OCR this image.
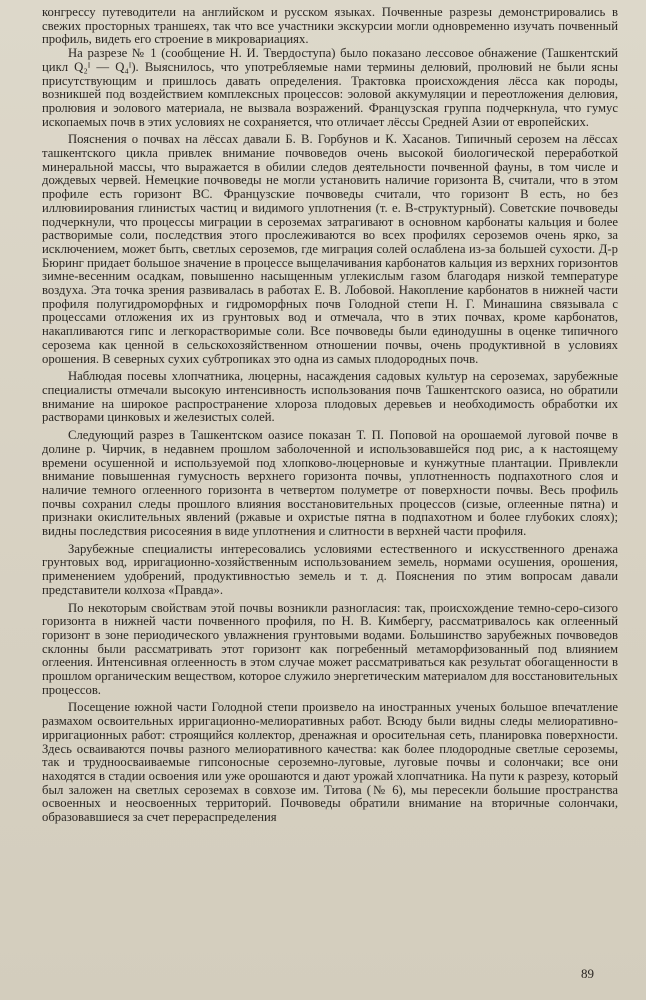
конгрессу путеводители на английском и русском языках. Почвенные разрезы демонстрировались в свежих просторных траншеях, так что все участники экскурсии могли одновременно изучать почвенный профиль, видеть его строение в микровариациях.

На разрезе № 1 (сообщение Н. И. Твердоступа) было показано лессовое обнажение (Ташкентский цикл Q₂ᴵ — Q₄ᴵ). Выяснилось, что употребляемые нами термины делювий, пролювий не были ясны присутствующим и пришлось давать определения. Трактовка происхождения лёсса как породы, возникшей под воздействием комплексных процессов: эоловой аккумуляции и переотложения делювия, пролювия и эолового материала, не вызвала возражений. Французская группа подчеркнула, что гумус ископаемых почв в этих условиях не сохраняется, что отличает лёссы Средней Азии от европейских.

Пояснения о почвах на лёссах давали Б. В. Горбунов и К. Хасанов. Типичный серозем на лёссах ташкентского цикла привлек внимание почвоведов очень высокой биологической переработкой минеральной массы, что выражается в обилии следов деятельности почвенной фауны, в том числе и дождевых червей. Немецкие почвоведы не могли установить наличие горизонта B, считали, что в этом профиле есть горизонт BC. Французские почвоведы считали, что горизонт B есть, но без иллювиирования глинистых частиц и видимого уплотнения (т. е. B-структурный). Советские почвоведы подчеркнули, что процессы миграции в сероземах затрагивают в основном карбонаты кальция и более растворимые соли, последствия этого прослеживаются во всех профилях сероземов очень ярко, за исключением, может быть, светлых сероземов, где миграция солей ослаблена из-за большей сухости. Д-р Бюринг придает большое значение в процессе выщелачивания карбонатов кальция из верхних горизонтов зимне-весенним осадкам, повышенно насыщенным углекислым газом благодаря низкой температуре воздуха. Эта точка зрения развивалась в работах Е. В. Лобовой. Накопление карбонатов в нижней части профиля полугидроморфных и гидроморфных почв Голодной степи Н. Г. Минашина связывала с процессами отложения их из грунтовых вод и отмечала, что в этих почвах, кроме карбонатов, накапливаются гипс и легкорастворимые соли. Все почвоведы были единодушны в оценке типичного серозема как ценной в сельскохозяйственном отношении почвы, очень продуктивной в условиях орошения. В северных сухих субтропиках это одна из самых плодородных почв.

Наблюдая посевы хлопчатника, люцерны, насаждения садовых культур на сероземах, зарубежные специалисты отмечали высокую интенсивность использования почв Ташкентского оазиса, но обратили внимание на широкое распространение хлороза плодовых деревьев и необходимость обработки их растворами цинковых и железистых солей.

Следующий разрез в Ташкентском оазисе показан Т. П. Поповой на орошаемой луговой почве в долине р. Чирчик, в недавнем прошлом заболоченной и использовавшейся под рис, а к настоящему времени осушенной и используемой под хлопково-люцерновые и кунжутные плантации. Привлекли внимание повышенная гумусность верхнего горизонта почвы, уплотненность подпахотного слоя и наличие темного оглеенного горизонта в четвертом полуметре от поверхности почвы. Весь профиль почвы сохранил следы прошлого влияния восстановительных процессов (сизые, оглеенные пятна) и признаки окислительных явлений (ржавые и охристые пятна в подпахотном и более глубоких слоях); видны последствия рисосеяния в виде уплотнения и слитности в верхней части профиля.

Зарубежные специалисты интересовались условиями естественного и искусственного дренажа грунтовых вод, ирригационно-хозяйственным использованием земель, нормами осушения, орошения, применением удобрений, продуктивностью земель и т. д. Пояснения по этим вопросам давали представители колхоза «Правда».

По некоторым свойствам этой почвы возникли разногласия: так, происхождение темно-серо-сизого горизонта в нижней части почвенного профиля, по Н. В. Кимбергу, рассматривалось как оглеенный горизонт в зоне периодического увлажнения грунтовыми водами. Большинство зарубежных почвоведов склонны были рассматривать этот горизонт как погребенный метаморфизованный под влиянием оглеения. Интенсивная оглеенность в этом случае может рассматриваться как результат обогащенности в прошлом органическим веществом, которое служило энергетическим материалом для восстановительных процессов.

Посещение южной части Голодной степи произвело на иностранных ученых большое впечатление размахом освоительных ирригационно-мелиоративных работ. Всюду были видны следы мелиоративно-ирригационных работ: строящийся коллектор, дренажная и оросительная сеть, планировка поверхности. Здесь осваиваются почвы разного мелиоративного качества: как более плодородные светлые сероземы, так и трудноосваиваемые гипсоносные сероземно-луговые, луговые почвы и солончаки; все они находятся в стадии освоения или уже орошаются и дают урожай хлопчатника. На пути к разрезу, который был заложен на светлых сероземах в совхозе им. Титова (№ 6), мы пересекли большие пространства освоенных и неосвоенных территорий. Почвоведы обратили внимание на вторичные солончаки, образовавшиеся за счет перераспределения

89
